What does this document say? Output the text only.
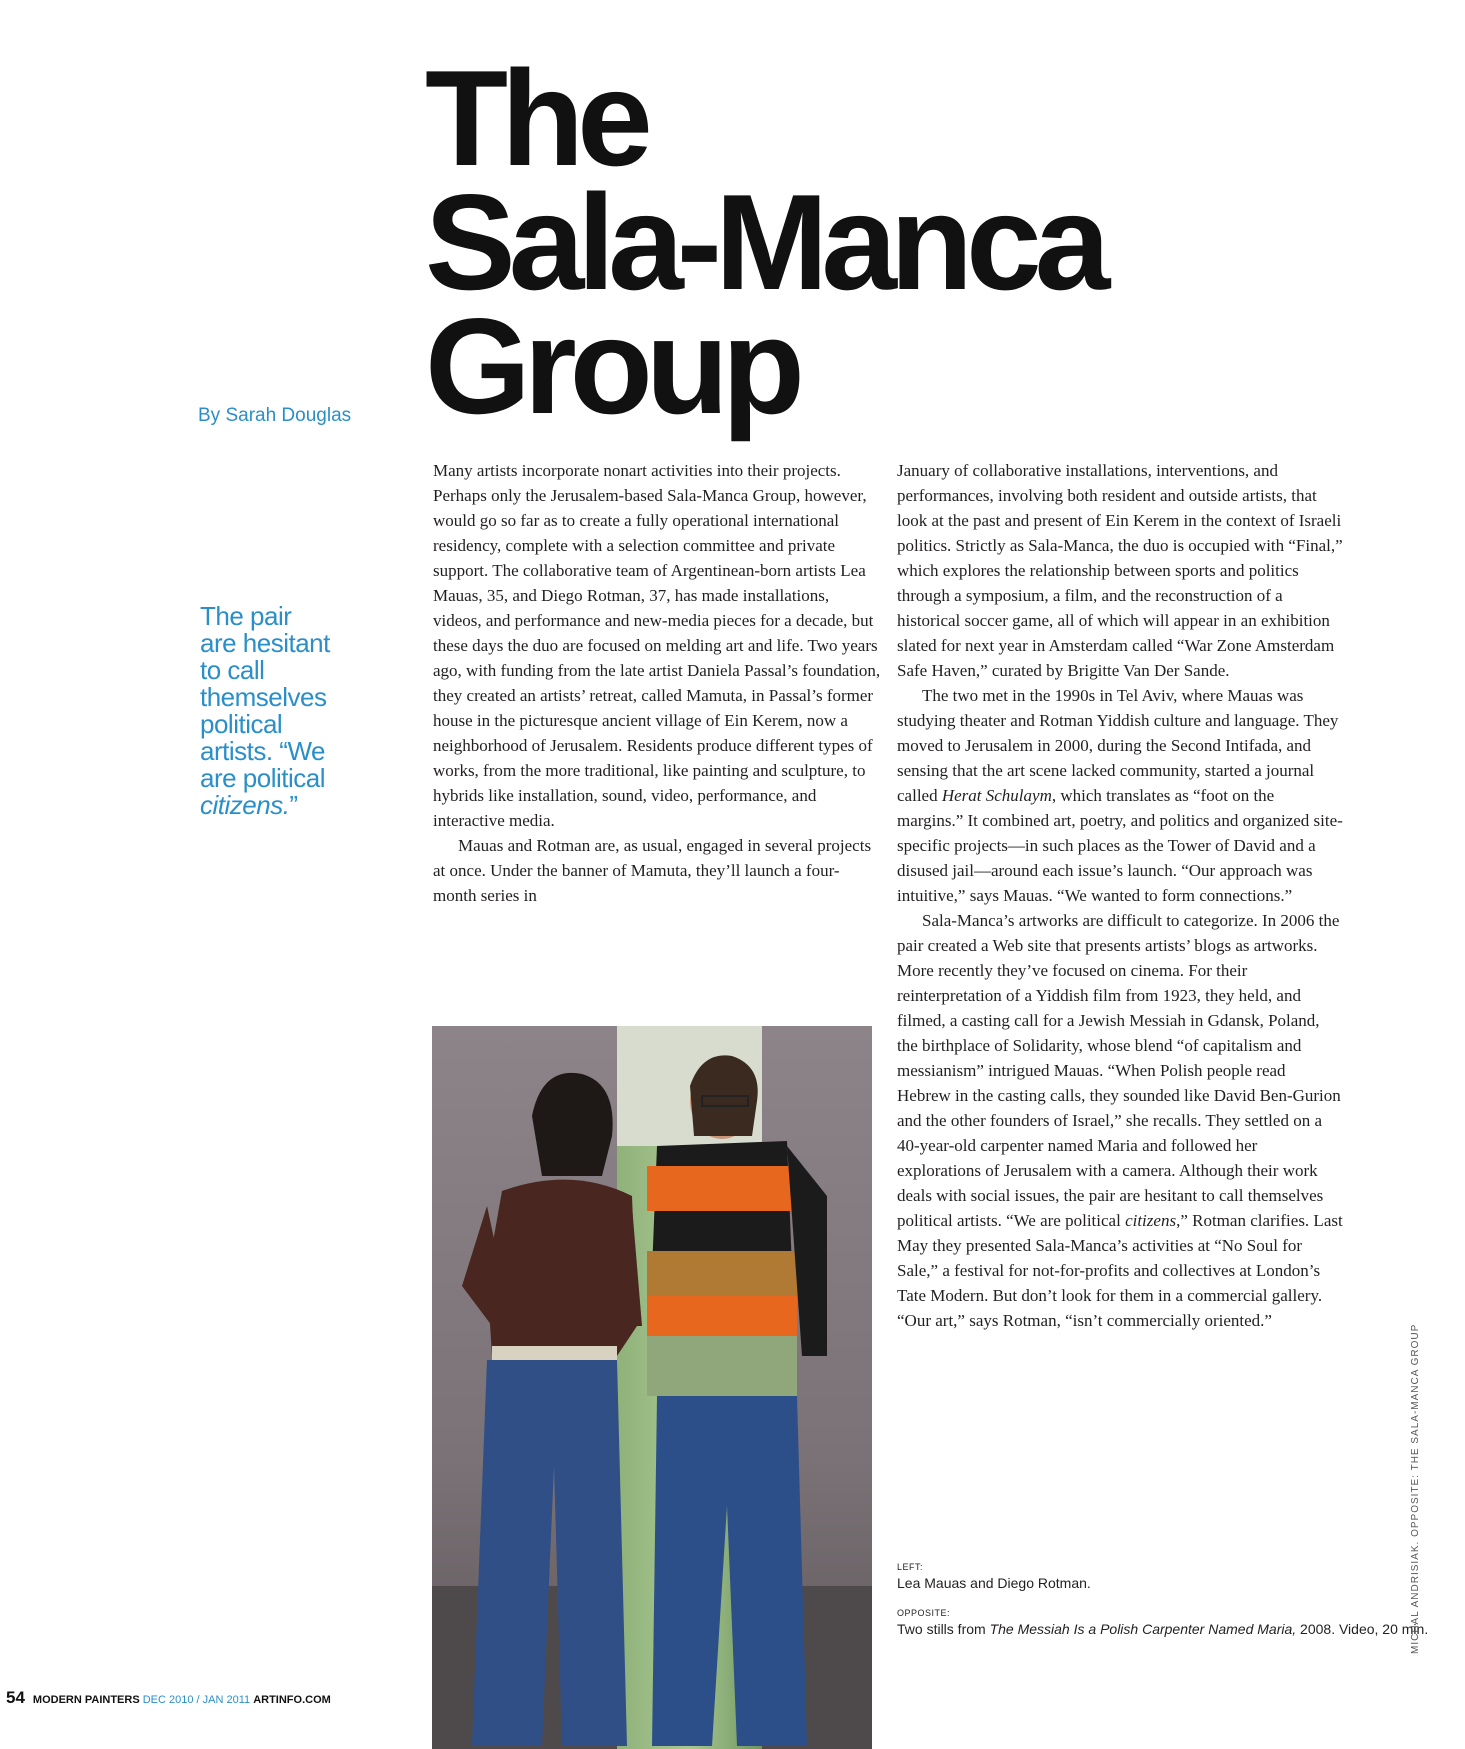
The
Sala-Manca
Group
By Sarah Douglas
The pair
are hesitant
to call
themselves
political
artists. “We
are political
citizens.”

Many artists incorporate nonart activities into their projects. Perhaps only the Jerusalem-based Sala-Manca Group, however, would go so far as to create a fully operational international residency, complete with a selection committee and private support. The collaborative team of Argentinean-born artists Lea Mauas, 35, and Diego Rotman, 37, has made installations, videos, and performance and new-media pieces for a decade, but these days the duo are focused on melding art and life. Two years ago, with funding from the late artist Daniela Passal’s foundation, they created an artists’ retreat, called Mamuta, in Passal’s former house in the picturesque ancient village of Ein Kerem, now a neighborhood of Jerusalem. Residents produce different types of works, from the more traditional, like painting and sculpture, to hybrids like installation, sound, video, performance, and interactive media.

Mauas and Rotman are, as usual, engaged in several projects at once. Under the banner of Mamuta, they’ll launch a four-month series in

January of collaborative installations, interventions, and performances, involving both resident and outside artists, that look at the past and present of Ein Kerem in the context of Israeli politics. Strictly as Sala-Manca, the duo is occupied with “Final,” which explores the relationship between sports and politics through a symposium, a film, and the reconstruction of a historical soccer game, all of which will appear in an exhibition slated for next year in Amsterdam called “War Zone Amsterdam Safe Haven,” curated by Brigitte Van Der Sande.

The two met in the 1990s in Tel Aviv, where Mauas was studying theater and Rotman Yiddish culture and language. They moved to Jerusalem in 2000, during the Second Intifada, and sensing that the art scene lacked community, started a journal called Herat Schulaym, which translates as “foot on the margins.” It combined art, poetry, and politics and organized site-specific projects—in such places as the Tower of David and a disused jail—around each issue’s launch. “Our approach was intuitive,” says Mauas. “We wanted to form connections.”

Sala-Manca’s artworks are difficult to categorize. In 2006 the pair created a Web site that presents artists’ blogs as artworks. More recently they’ve focused on cinema. For their reinterpretation of a Yiddish film from 1923, they held, and filmed, a casting call for a Jewish Messiah in Gdansk, Poland, the birthplace of Solidarity, whose blend “of capitalism and messianism” intrigued Mauas. “When Polish people read Hebrew in the casting calls, they sounded like David Ben-Gurion and the other founders of Israel,” she recalls. They settled on a 40-year-old carpenter named Maria and followed her explorations of Jerusalem with a camera. Although their work deals with social issues, the pair are hesitant to call themselves political artists. “We are political citizens,” Rotman clarifies. Last May they presented Sala-Manca’s activities at “No Soul for Sale,” a festival for not-for-profits and collectives at London’s Tate Modern. But don’t look for them in a commercial gallery. “Our art,” says Rotman, “isn’t commercially oriented.”

LEFT:
Lea Mauas and Diego Rotman.
OPPOSITE:
Two stills from The Messiah Is a Polish Carpenter Named Maria, 2008. Video, 20 min.
MICHAL ANDRISIAK. OPPOSITE: THE SALA-MANCA GROUP
54 MODERN PAINTERS DEC 2010 / JAN 2011 ARTINFO.COM
